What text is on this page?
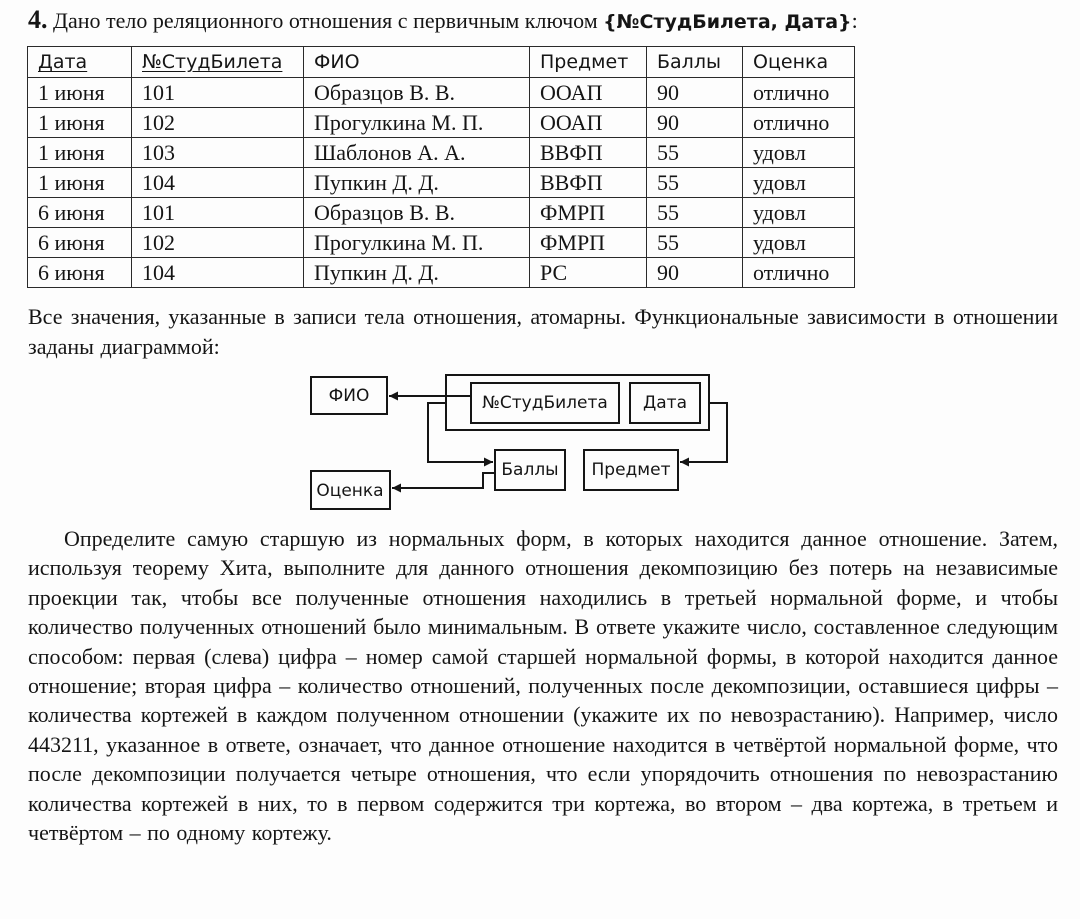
4. Дано тело реляционного отношения с первичным ключом {№СтудБилета, Дата}:
Дата	№СтудБилета	ФИО	Предмет	Баллы	Оценка
1 июня	101	Образцов В. В.	ООАП	90	отлично
1 июня	102	Прогулкина М. П.	ООАП	90	отлично
1 июня	103	Шаблонов А. А.	ВВФП	55	удовл
1 июня	104	Пупкин Д. Д.	ВВФП	55	удовл
6 июня	101	Образцов В. В.	ФМРП	55	удовл
6 июня	102	Прогулкина М. П.	ФМРП	55	удовл
6 июня	104	Пупкин Д. Д.	РС	90	отлично
Все значения, указанные в записи тела отношения, атомарны. Функциональные зависимости в отношении заданы диаграммой:
№СтудБилета Дата
ФИО
Баллы Предмет
Оценка
Определите самую старшую из нормальных форм, в которых находится данное отношение. Затем, используя теорему Хита, выполните для данного отношения декомпозицию без потерь на независимые проекции так, чтобы все полученные отношения находились в третьей нормальной форме, и чтобы количество полученных отношений было минимальным. В ответе укажите число, составленное следующим способом: первая (слева) цифра – номер самой старшей нормальной формы, в которой находится данное отношение; вторая цифра – количество отношений, полученных после декомпозиции, оставшиеся цифры – количества кортежей в каждом полученном отношении (укажите их по невозрастанию). Например, число 443211, указанное в ответе, означает, что данное отношение находится в четвёртой нормальной форме, что после декомпозиции получается четыре отношения, что если упорядочить отношения по невозрастанию количества кортежей в них, то в первом содержится три кортежа, во втором – два кортежа, в третьем и четвёртом – по одному кортежу.
